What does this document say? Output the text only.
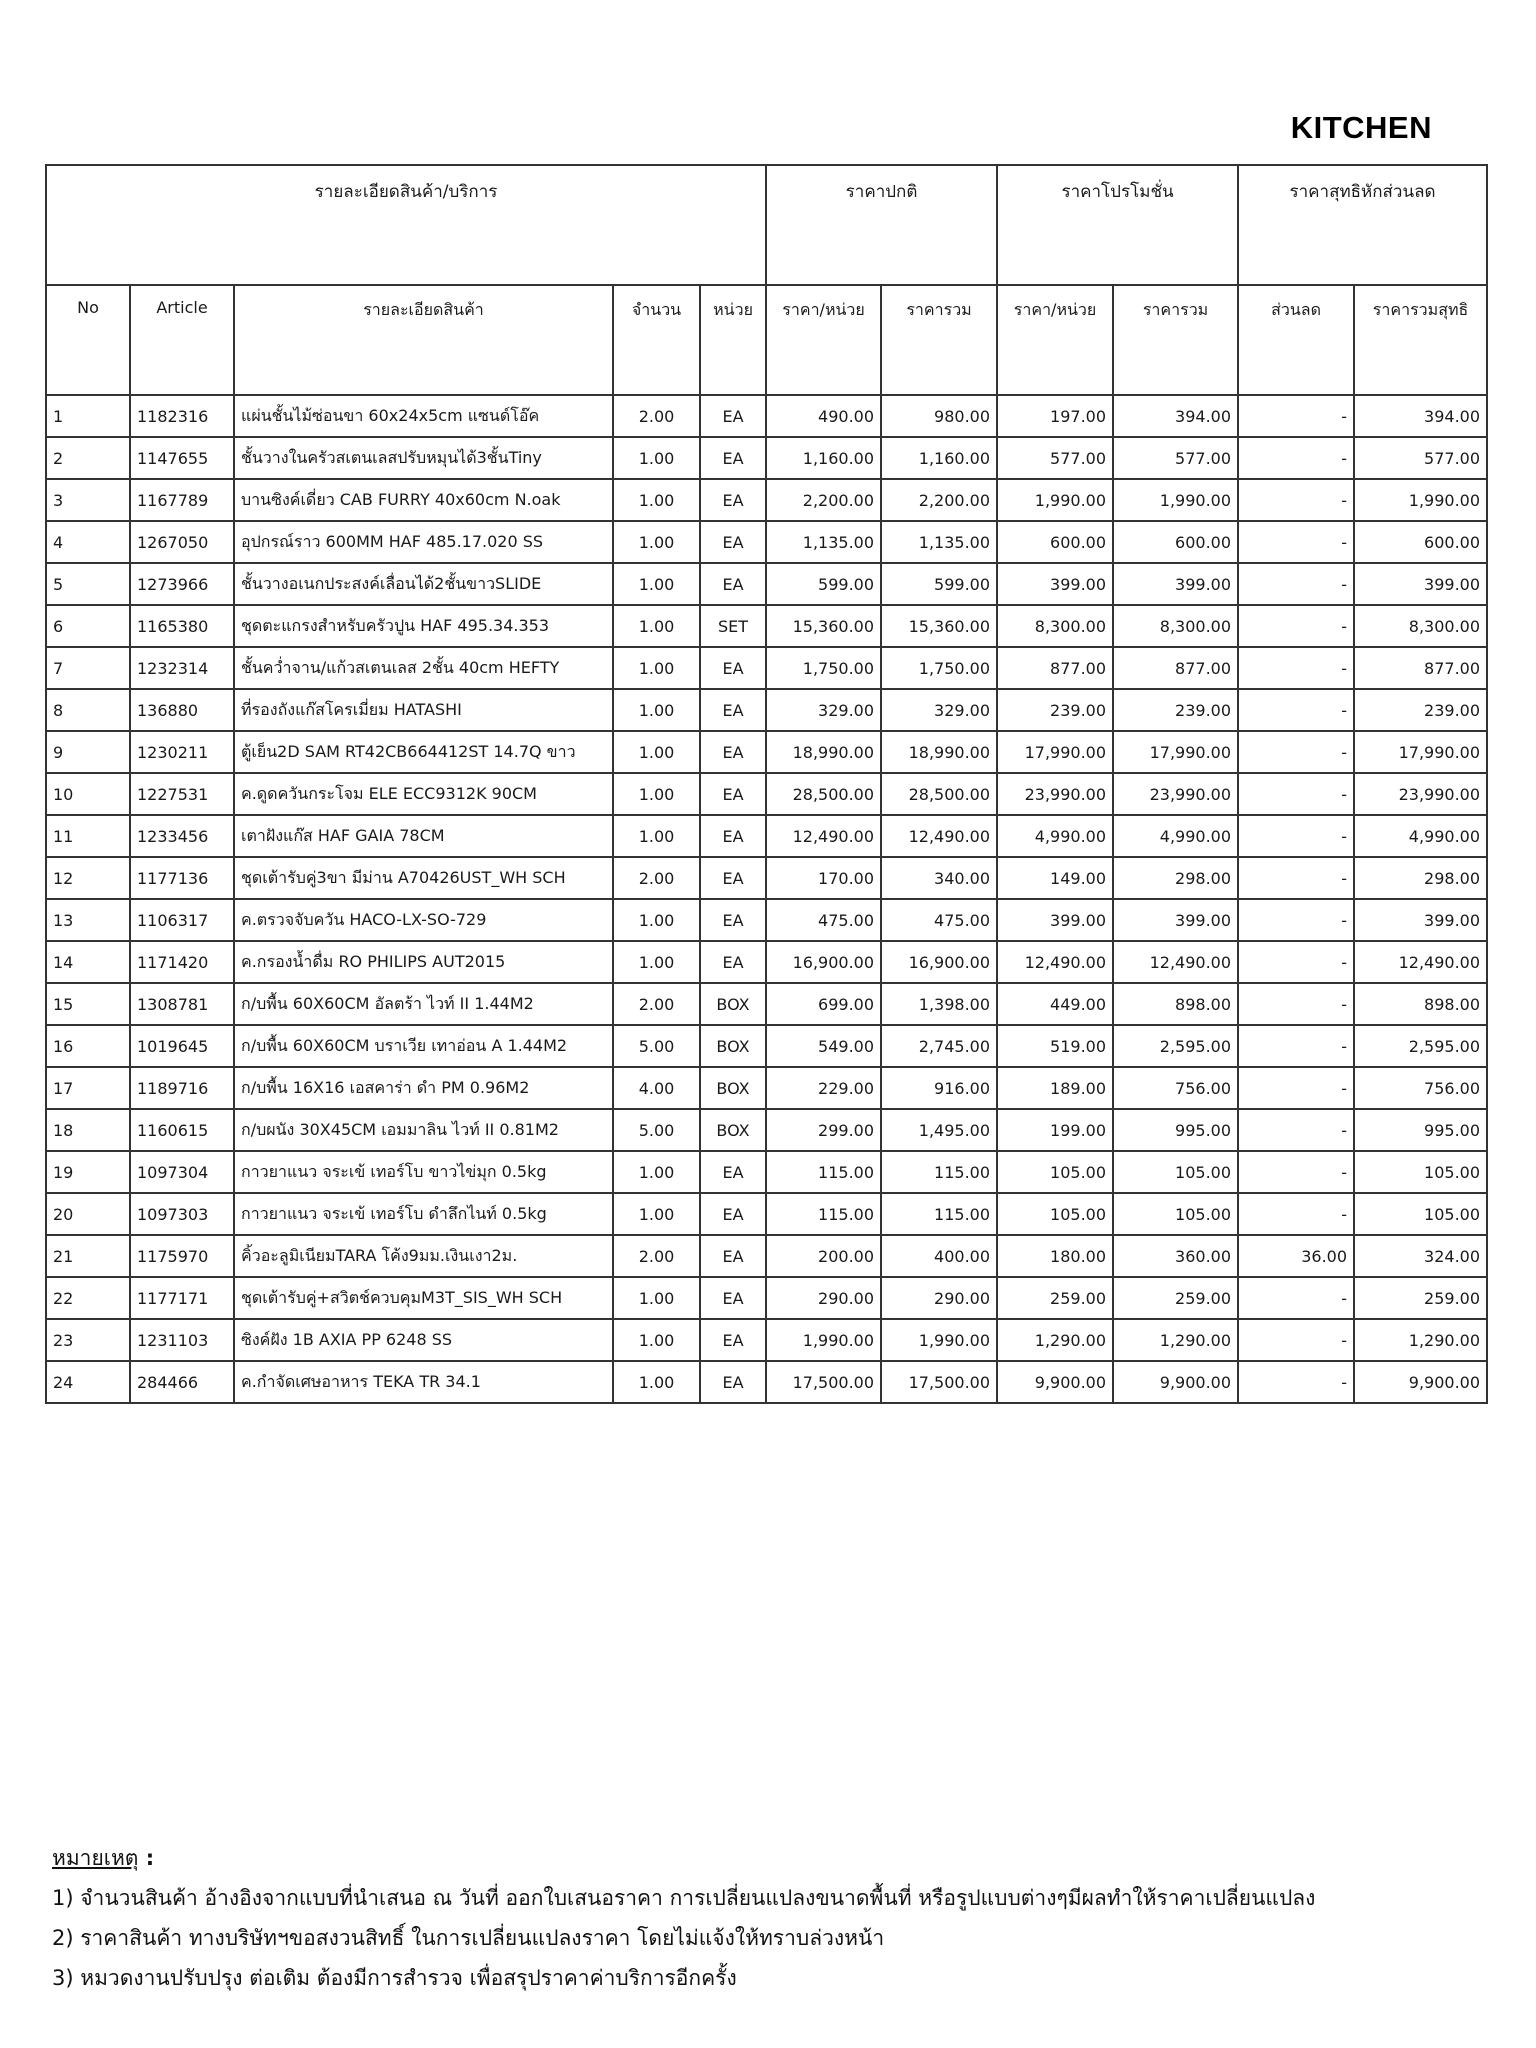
KITCHEN
รายละเอียดสินค้า/บริการ					ราคาปกติ		ราคาโปรโมชั่น		ราคาสุทธิหักส่วนลด	
No	Article	รายละเอียดสินค้า	จำนวน	หน่วย	ราคา/หน่วย	ราคารวม	ราคา/หน่วย	ราคารวม	ส่วนลด	ราคารวมสุทธิ
1	1182316	แผ่นชั้นไม้ซ่อนขา 60x24x5cm แซนด์โอ๊ค	2.00	EA	490.00	980.00	197.00	394.00	-	394.00
2	1147655	ชั้นวางในครัวสเตนเลสปรับหมุนได้3ชั้นTiny	1.00	EA	1,160.00	1,160.00	577.00	577.00	-	577.00
3	1167789	บานซิงค์เดี่ยว CAB FURRY 40x60cm N.oak	1.00	EA	2,200.00	2,200.00	1,990.00	1,990.00	-	1,990.00
4	1267050	อุปกรณ์ราว 600MM HAF 485.17.020 SS	1.00	EA	1,135.00	1,135.00	600.00	600.00	-	600.00
5	1273966	ชั้นวางอเนกประสงค์เลื่อนได้2ชั้นขาวSLIDE	1.00	EA	599.00	599.00	399.00	399.00	-	399.00
6	1165380	ชุดตะแกรงสำหรับครัวปูน HAF 495.34.353	1.00	SET	15,360.00	15,360.00	8,300.00	8,300.00	-	8,300.00
7	1232314	ชั้นคว่ำจาน/แก้วสเตนเลส 2ชั้น 40cm HEFTY	1.00	EA	1,750.00	1,750.00	877.00	877.00	-	877.00
8	136880	ที่รองถังแก๊สโครเมี่ยม HATASHI	1.00	EA	329.00	329.00	239.00	239.00	-	239.00
9	1230211	ตู้เย็น2D SAM RT42CB664412ST 14.7Q ขาว	1.00	EA	18,990.00	18,990.00	17,990.00	17,990.00	-	17,990.00
10	1227531	ค.ดูดควันกระโจม ELE ECC9312K 90CM	1.00	EA	28,500.00	28,500.00	23,990.00	23,990.00	-	23,990.00
11	1233456	เตาฝังแก๊ส HAF GAIA 78CM	1.00	EA	12,490.00	12,490.00	4,990.00	4,990.00	-	4,990.00
12	1177136	ชุดเต้ารับคู่3ขา มีม่าน A70426UST_WH SCH	2.00	EA	170.00	340.00	149.00	298.00	-	298.00
13	1106317	ค.ตรวจจับควัน HACO-LX-SO-729	1.00	EA	475.00	475.00	399.00	399.00	-	399.00
14	1171420	ค.กรองน้ำดื่ม RO PHILIPS AUT2015	1.00	EA	16,900.00	16,900.00	12,490.00	12,490.00	-	12,490.00
15	1308781	ก/บพื้น 60X60CM อัลตร้า ไวท์ II 1.44M2	2.00	BOX	699.00	1,398.00	449.00	898.00	-	898.00
16	1019645	ก/บพื้น 60X60CM บราเวีย เทาอ่อน A 1.44M2	5.00	BOX	549.00	2,745.00	519.00	2,595.00	-	2,595.00
17	1189716	ก/บพื้น 16X16 เอสคาร่า ดำ PM 0.96M2	4.00	BOX	229.00	916.00	189.00	756.00	-	756.00
18	1160615	ก/บผนัง 30X45CM เอมมาลิน ไวท์ II 0.81M2	5.00	BOX	299.00	1,495.00	199.00	995.00	-	995.00
19	1097304	กาวยาแนว จระเข้ เทอร์โบ ขาวไข่มุก 0.5kg	1.00	EA	115.00	115.00	105.00	105.00	-	105.00
20	1097303	กาวยาแนว จระเข้ เทอร์โบ ดำลึกไนท์ 0.5kg	1.00	EA	115.00	115.00	105.00	105.00	-	105.00
21	1175970	คิ้วอะลูมิเนียมTARA โค้ง9มม.เงินเงา2ม.	2.00	EA	200.00	400.00	180.00	360.00	36.00	324.00
22	1177171	ชุดเต้ารับคู่+สวิตช์ควบคุมM3T_SIS_WH SCH	1.00	EA	290.00	290.00	259.00	259.00	-	259.00
23	1231103	ซิงค์ฝัง 1B AXIA PP 6248 SS	1.00	EA	1,990.00	1,990.00	1,290.00	1,290.00	-	1,290.00
24	284466	ค.กำจัดเศษอาหาร TEKA TR 34.1	1.00	EA	17,500.00	17,500.00	9,900.00	9,900.00	-	9,900.00
หมายเหตุ :
1) จำนวนสินค้า อ้างอิงจากแบบที่นำเสนอ ณ วันที่ ออกใบเสนอราคา การเปลี่ยนแปลงขนาดพื้นที่ หรือรูปแบบต่างๆมีผลทำให้ราคาเปลี่ยนแปลง
2) ราคาสินค้า ทางบริษัทฯขอสงวนสิทธิ์ ในการเปลี่ยนแปลงราคา โดยไม่แจ้งให้ทราบล่วงหน้า
3) หมวดงานปรับปรุง ต่อเติม ต้องมีการสำรวจ เพื่อสรุปราคาค่าบริการอีกครั้ง
